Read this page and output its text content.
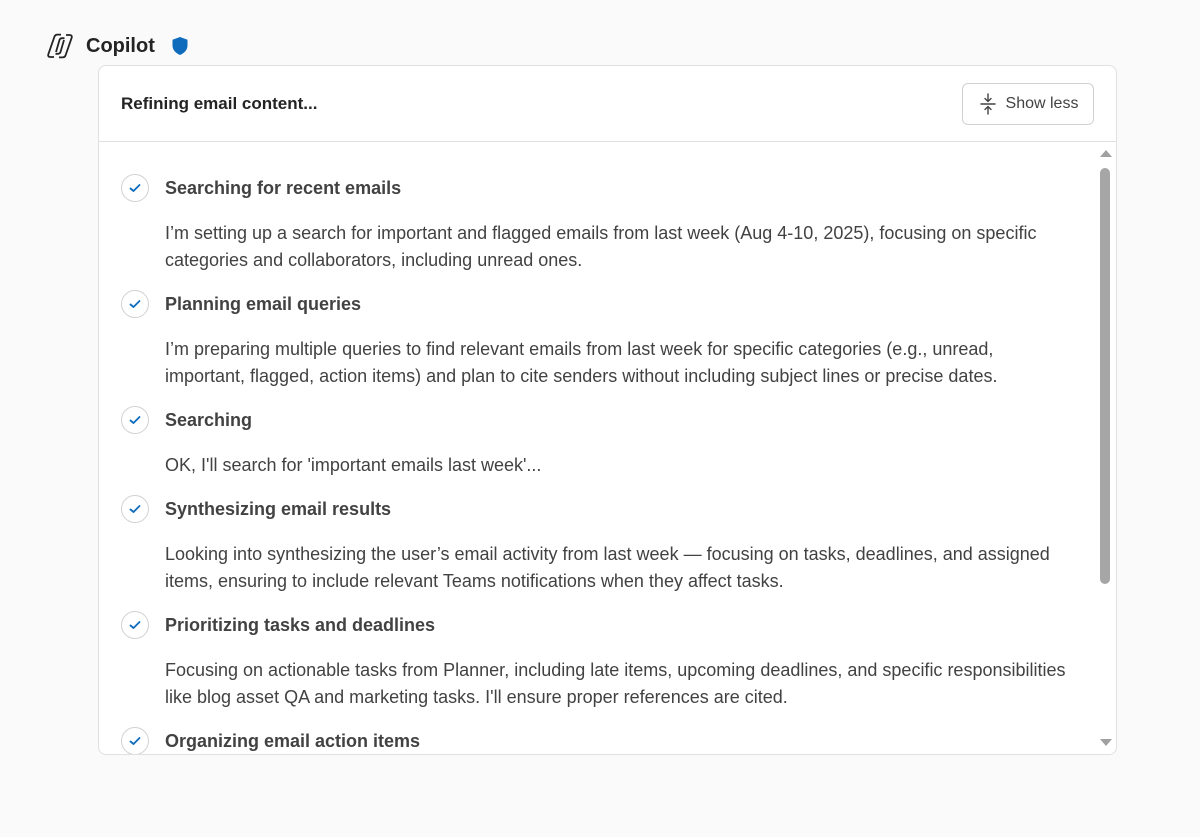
Copilot
Refining email content...	Show less
Searching for recent emails
I’m setting up a search for important and flagged emails from last week (Aug 4-10, 2025), focusing on specific categories and collaborators, including unread ones.
Planning email queries
I’m preparing multiple queries to find relevant emails from last week for specific categories (e.g., unread, important, flagged, action items) and plan to cite senders without including subject lines or precise dates.
Searching
OK, I'll search for 'important emails last week'...
Synthesizing email results
Looking into synthesizing the user’s email activity from last week — focusing on tasks, deadlines, and assigned items, ensuring to include relevant Teams notifications when they affect tasks.
Prioritizing tasks and deadlines
Focusing on actionable tasks from Planner, including late items, upcoming deadlines, and specific responsibilities like blog asset QA and marketing tasks. I'll ensure proper references are cited.
Organizing email action items
